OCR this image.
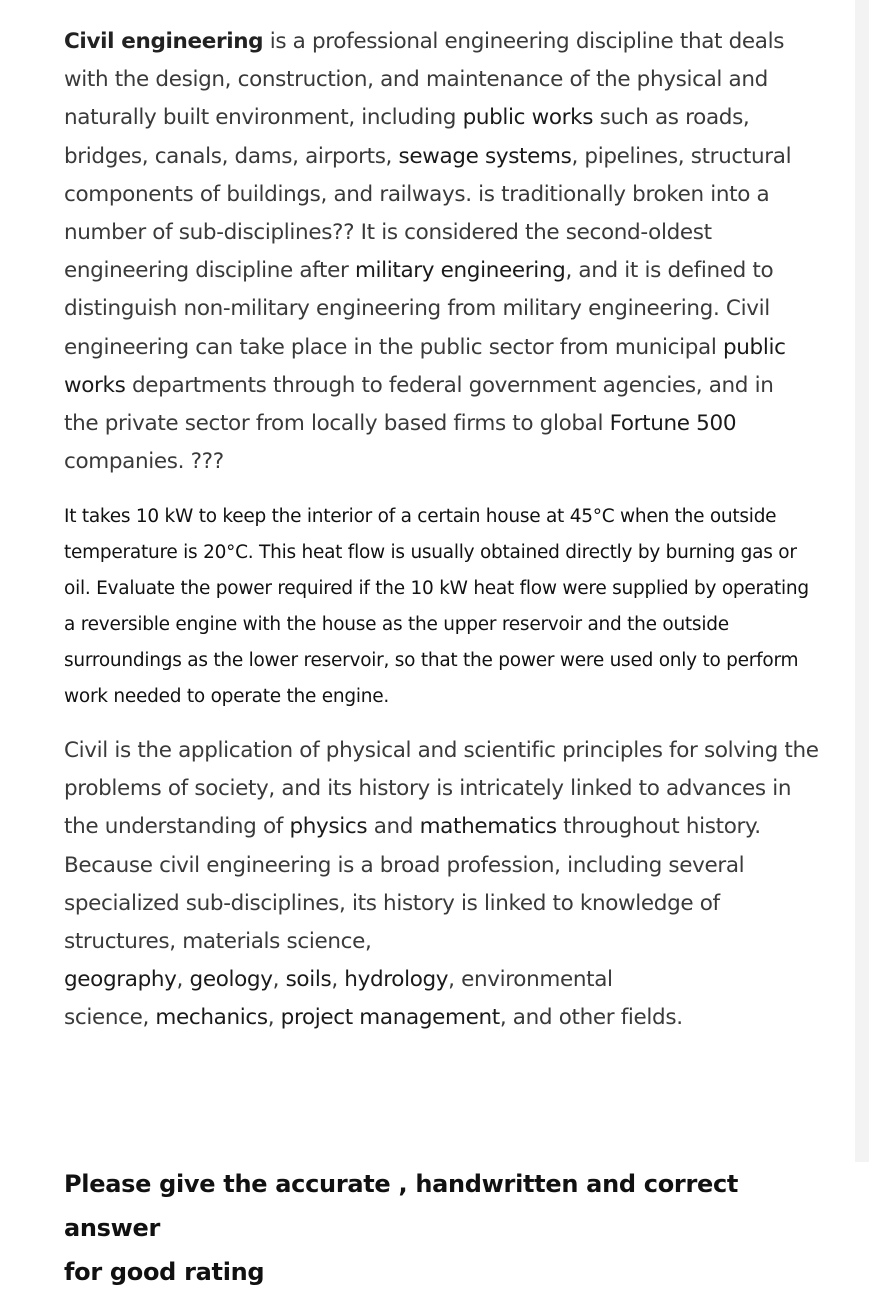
Civil engineering is a professional engineering discipline that deals with the design, construction, and maintenance of the physical and naturally built environment, including public works such as roads, bridges, canals, dams, airports, sewage systems, pipelines, structural components of buildings, and railways. is traditionally broken into a number of sub-disciplines?? It is considered the second-oldest engineering discipline after military engineering, and it is defined to distinguish non-military engineering from military engineering. Civil engineering can take place in the public sector from municipal public works departments through to federal government agencies, and in the private sector from locally based firms to global Fortune 500 companies. ???

It takes 10 kW to keep the interior of a certain house at 45°C when the outside temperature is 20°C. This heat flow is usually obtained directly by burning gas or oil. Evaluate the power required if the 10 kW heat flow were supplied by operating a reversible engine with the house as the upper reservoir and the outside surroundings as the lower reservoir, so that the power were used only to perform work needed to operate the engine.

Civil is the application of physical and scientific principles for solving the problems of society, and its history is intricately linked to advances in the understanding of physics and mathematics throughout history. Because civil engineering is a broad profession, including several specialized sub-disciplines, its history is linked to knowledge of structures, materials science,

geography, geology, soils, hydrology, environmental

science, mechanics, project management, and other fields.

Please give the accurate , handwritten and correct answer
for good rating
